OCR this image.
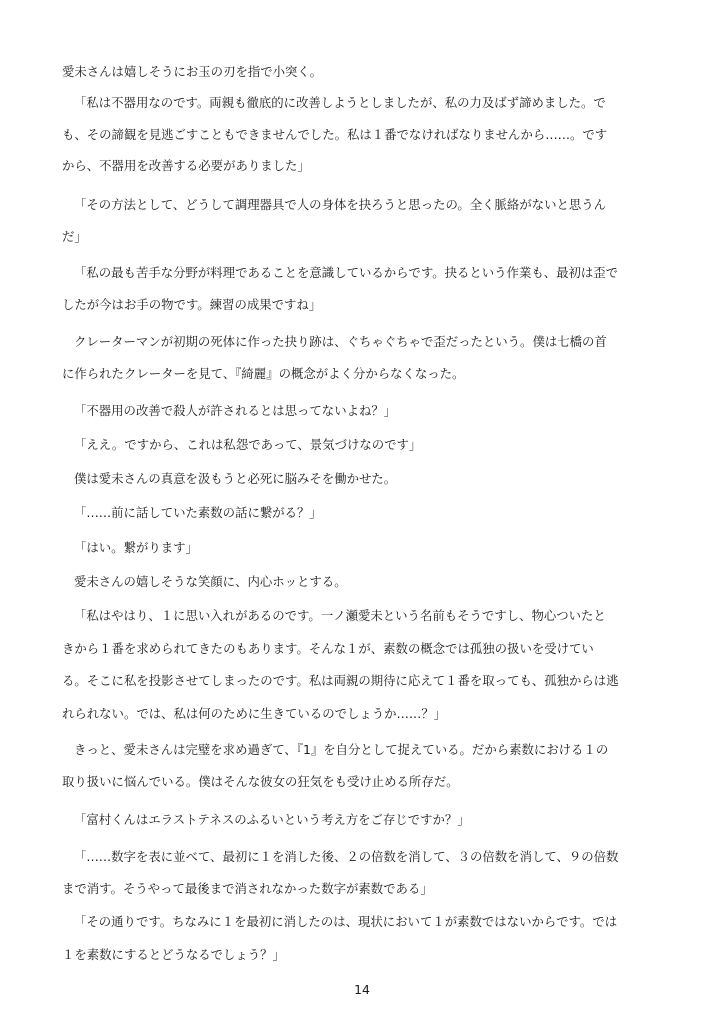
愛未さんは嬉しそうにお玉の刃を指で小突く。
「私は不器用なのです。両親も徹底的に改善しようとしましたが、私の力及ばず諦めました。で
も、その諦観を見逃ごすこともできませんでした。私は１番でなければなりませんから……。です
から、不器用を改善する必要がありました」
「その方法として、どうして調理器具で人の身体を抉ろうと思ったの。全く脈絡がないと思うん
だ」
「私の最も苦手な分野が料理であることを意識しているからです。抉るという作業も、最初は歪で
したが今はお手の物です。練習の成果ですね」
クレーターマンが初期の死体に作った抉り跡は、ぐちゃぐちゃで歪だったという。僕は七橋の首
に作られたクレーターを見て、『綺麗』の概念がよく分からなくなった。
「不器用の改善で殺人が許されるとは思ってないよね？」
「ええ。ですから、これは私怨であって、景気づけなのです」
僕は愛未さんの真意を汲もうと必死に脳みそを働かせた。
「……前に話していた素数の話に繋がる？」
「はい。繋がります」
愛未さんの嬉しそうな笑顔に、内心ホッとする。
「私はやはり、１に思い入れがあるのです。一ノ瀬愛未という名前もそうですし、物心ついたと
きから１番を求められてきたのもあります。そんな１が、素数の概念では孤独の扱いを受けてい
る。そこに私を投影させてしまったのです。私は両親の期待に応えて１番を取っても、孤独からは逃
れられない。では、私は何のために生きているのでしょうか……？」
きっと、愛未さんは完璧を求め過ぎて、『1』を自分として捉えている。だから素数における１の
取り扱いに悩んでいる。僕はそんな彼女の狂気をも受け止める所存だ。
「富村くんはエラストテネスのふるいという考え方をご存じですか？」
「……数字を表に並べて、最初に１を消した後、２の倍数を消して、３の倍数を消して、９の倍数
まで消す。そうやって最後まで消されなかった数字が素数である」
「その通りです。ちなみに１を最初に消したのは、現状において１が素数ではないからです。では
１を素数にするとどうなるでしょう？」
14
